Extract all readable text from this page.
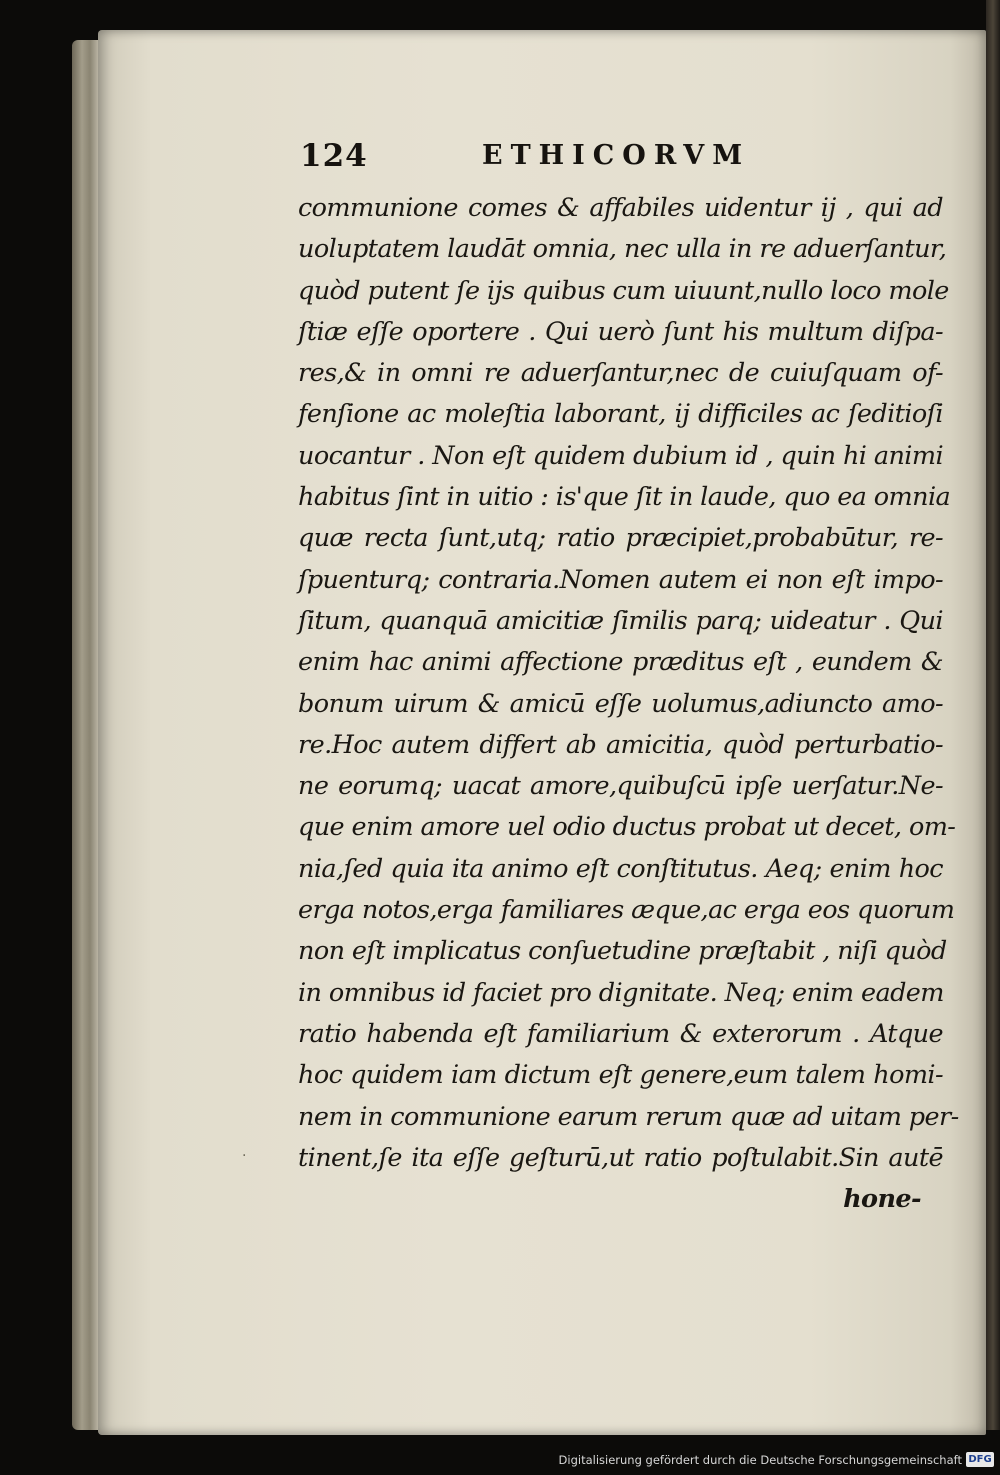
124	ETHICORVM
communione comes & affabiles uidentur ij , qui ad
uoluptatem laudāt omnia, nec ulla in re aduerſantur,
quòd putent ſe ijs quibus cum uiuunt,nullo loco mole
ſtiæ eſſe oportere . Qui uerò ſunt his multum diſpa-
res,& in omni re aduerſantur,nec de cuiuſquam of-
fenſione ac moleſtia laborant, ij difficiles ac ſeditioſi
uocantur . Non eſt quidem dubium id , quin hi animi
habitus ſint in uitio : is'que ſit in laude, quo ea omnia
quæ recta ſunt,utq; ratio præcipiet,probabūtur, re-
ſpuenturq; contraria.Nomen autem ei non eſt impo-
ſitum, quanquā amicitiæ ſimilis parq; uideatur . Qui
enim hac animi affectione præditus eſt , eundem &
bonum uirum & amicū eſſe uolumus,adiuncto amo-
re.Hoc autem differt ab amicitia, quòd perturbatio-
ne eorumq; uacat amore,quibuſcū ipſe uerſatur.Ne-
que enim amore uel odio ductus probat ut decet, om-
nia,ſed quia ita animo eſt conſtitutus. Aeq; enim hoc
erga notos,erga familiares æque,ac erga eos quorum
non eſt implicatus conſuetudine præſtabit , niſi quòd
in omnibus id faciet pro dignitate. Neq; enim eadem
ratio habenda eſt familiarium & exterorum . Atque
hoc quidem iam dictum eſt genere,eum talem homi-
nem in communione earum rerum quæ ad uitam per-
tinent,ſe ita eſſe geſturū,ut ratio poſtulabit.Sin autē
hone-
·
Digitalisierung gefördert durch die Deutsche Forschungsgemeinschaft DFG
